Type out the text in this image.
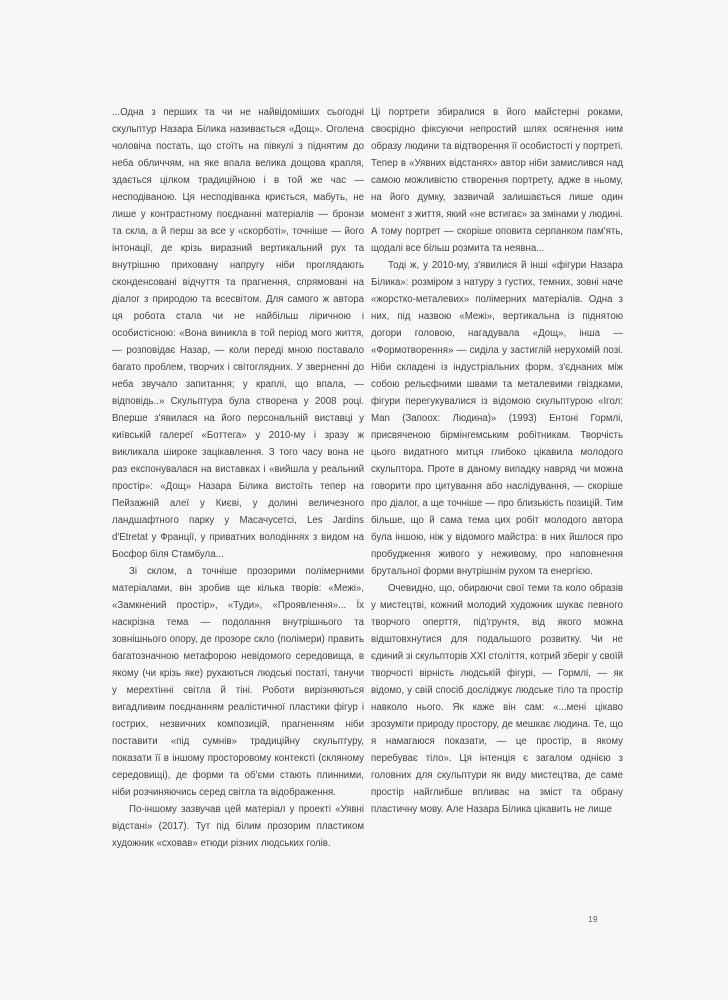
...Одна з перших та чи не найвідоміших сьогодні скульптур Назара Білика називається «Дощ». Оголена чоловіча постать, що стоїть на півкулі з піднятим до неба обличчям, на яке впала велика дощова крапля, здається цілком традиційною і в той же час — несподіваною. Ця несподіванка криється, мабуть, не лише у контрастному поєднанні матеріалів — бронзи та скла, а й перш за все у «скорботі», точніше — його інтонації, де крізь виразний вертикальний рух та внутрішню приховану напругу ніби проглядають сконденсовані відчуття та прагнення, спрямовані на діалог з природою та всесвітом. Для самого ж автора ця робота стала чи не найбільш ліричною і особистісною: «Вона виникла в той період мого життя, — розповідає Назар, — коли переді мною поставало багато проблем, творчих і світоглядних. У зверненні до неба звучало запитання; у краплі, що впала, — відповідь..» Скульптура була створена у 2008 році. Вперше з'явилася на його персональній виставці у київській галереї «Боттега» у 2010-му і зразу ж викликала широке зацікавлення. З того часу вона не раз експонувалася на виставках і «вийшла у реальний простір»: «Дощ» Назара Білика вистоїть тепер на Пейзажній алеї у Києві, у долині величезного ландшафтного парку у Масачусетсі, Les Jardins d'Etretat у Франції, у приватних володіннях з видом на Босфор біля Стамбула...

Зі склом, а точніше прозорими полімерними матеріалами, він зробив ще кілька творів: «Межі», «Замкнений простір», «Туди», «Проявлення»... Їх наскрізна тема — подолання внутрішнього та зовнішнього опору, де прозоре скло (полімери) править багатозначною метафорою невідомого середовища, в якому (чи крізь яке) рухаються людські постаті, танучи у мерехтінні світла й тіні. Роботи вирізняються вигадливим поєднанням реалістичної пластики фігур і гостриx, незвичних композицій, прагненням ніби поставити «під сумнів» традиційну скульптуру, показати її в іншому просторовому контексті (скляному середовищі), де форми та об'єми стають плинними, ніби розчиняючись серед світла та відображення.

По-іншому зазвучав цей матеріал у проекті «Уявні відстані» (2017). Тут під білим прозорим пластиком художник «сховав» етюди різних людських голів.

Ці портрети збиралися в його майстерні роками, своєрідно фіксуючи непростий шлях осягнення ним образу людини та відтворення її особистості у портреті. Тепер в «Уявних відстанях» автор ніби замислився над самою можливістю створення портрету, адже в ньому, на його думку, зазвичай залишається лише один момент з життя, який «не встигає» за змінами у людині. А тому портрет — скоріше оповита серпанком пам'ять, щодалі все більш розмита та неявна...

Тоді ж, у 2010-му, з'явилися й інші «фігури Назара Білика»: розміром з натуру з густих, темних, зовні наче «жорстко-металевих» полімерних матеріалів. Одна з них, під назвою «Межі», вертикальна із піднятою догори головою, нагадувала «Дощ», інша — «Формотворення» — сиділа у застиглій нерухомій позі. Ніби складені із індустріальних форм, з'єднаних між собою рельєфними швами та металевими гвіздками, фігури перегукувалися із відомою скульптурою «Ігол: Man (Запоох: Людина)» (1993) Ентоні Гормлі, присвяченою бірмінгемським робітникам. Творчість цього видатного митця глибоко цікавила молодого скульптора. Проте в даному випадку навряд чи можна говорити про цитування або наслідування, — скоріше про діалог, а ще точніше — про близькість позицій. Тим більше, що й сама тема цих робіт молодого автора була іншою, ніж у відомого майстра: в них йшлося про пробудження живого у неживому, про наповнення брутальної форми внутрішнім рухом та енергією.

Очевидно, що, обираючи свої теми та коло образів у мистецтві, кожний молодий художник шукає певного творчого оперття, під'грунтя, від якого можна відштовхнутися для подальшого розвитку. Чи не єдиний зі скульпторів XXI століття, котрий зберіг у своїй творчості вірність людській фігурі, — Гормлі, — як відомо, у свій спосіб досліджує людське тіло та простір навколо нього. Як каже він сам: «...мені цікаво зрозуміти природу простору, де мешкає людина. Те, що я намагаюся показати, — це простір, в якому перебуває тіло». Ця інтенція є загалом однією з головних для скульптури як виду мистецтва, де саме простір найглибше впливає на зміст та обрану пластичну мову. Але Назара Білика цікавить не лише

19
